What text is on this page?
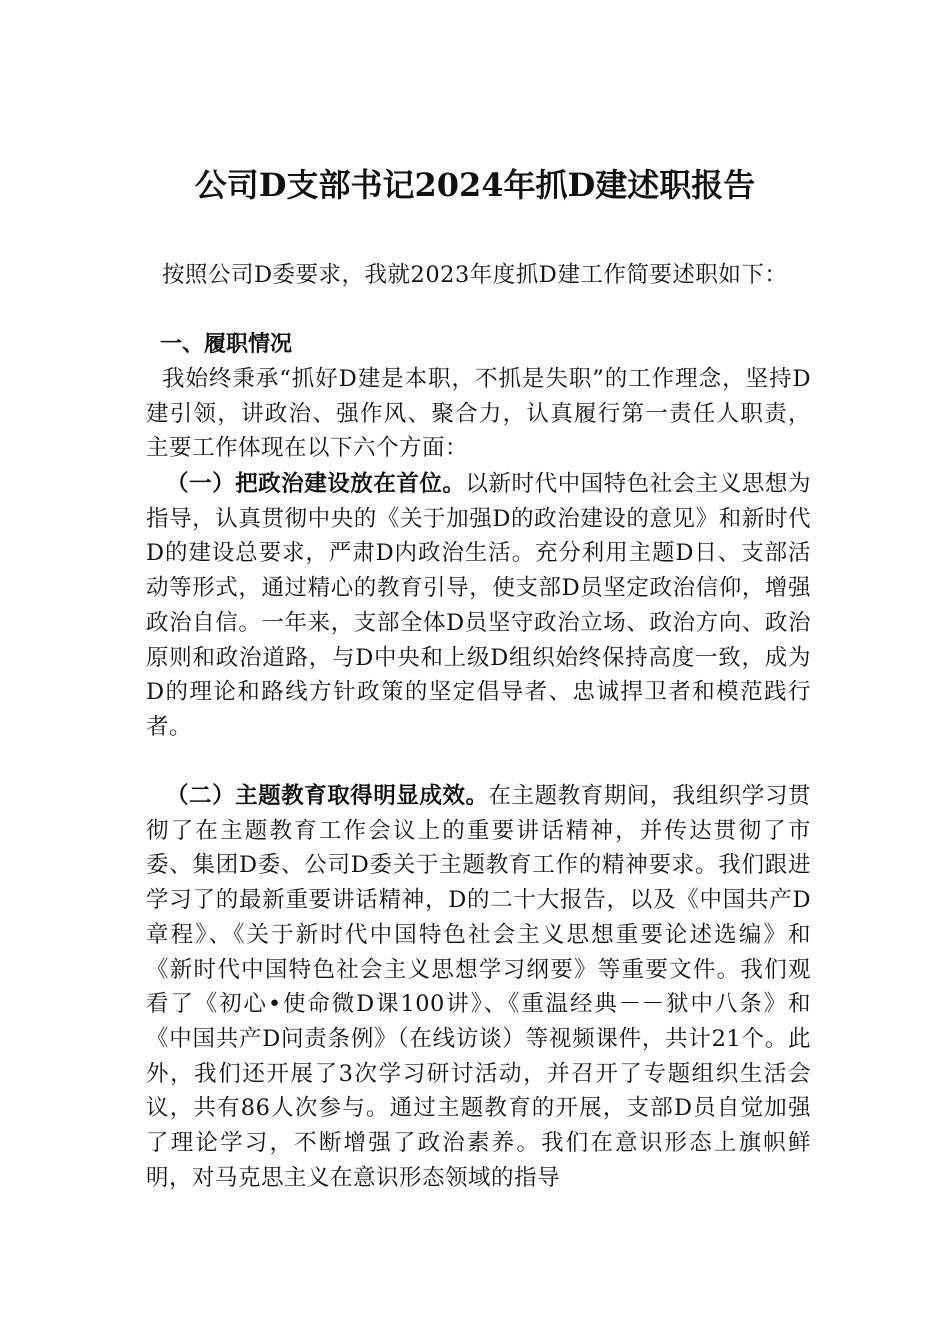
公司D支部书记2024年抓D建述职报告
按照公司D委要求，我就2023年度抓D建工作简要述职如下：
一、履职情况
我始终秉承“抓好D建是本职，不抓是失职”的工作理念，坚持D建引领，讲政治、强作风、聚合力，认真履行第一责任人职责，主要工作体现在以下六个方面：
（一）把政治建设放在首位。以新时代中国特色社会主义思想为指导，认真贯彻中央的《关于加强D的政治建设的意见》和新时代D的建设总要求，严肃D内政治生活。充分利用主题D日、支部活动等形式，通过精心的教育引导，使支部D员坚定政治信仰，增强政治自信。一年来，支部全体D员坚守政治立场、政治方向、政治原则和政治道路，与D中央和上级D组织始终保持高度一致，成为D的理论和路线方针政策的坚定倡导者、忠诚捍卫者和模范践行者。
（二）主题教育取得明显成效。在主题教育期间，我组织学习贯彻了在主题教育工作会议上的重要讲话精神，并传达贯彻了市委、集团D委、公司D委关于主题教育工作的精神要求。我们跟进学习了的最新重要讲话精神，D的二十大报告，以及《中国共产D章程》、《关于新时代中国特色社会主义思想重要论述选编》和《新时代中国特色社会主义思想学习纲要》等重要文件。我们观看了《初心•使命微D课100讲》、《重温经典－－狱中八条》和《中国共产D问责条例》（在线访谈）等视频课件，共计21个。此外，我们还开展了3次学习研讨活动，并召开了专题组织生活会议，共有86人次参与。通过主题教育的开展，支部D员自觉加强了理论学习，不断增强了政治素养。我们在意识形态上旗帜鲜明，对马克思主义在意识形态领域的指导
